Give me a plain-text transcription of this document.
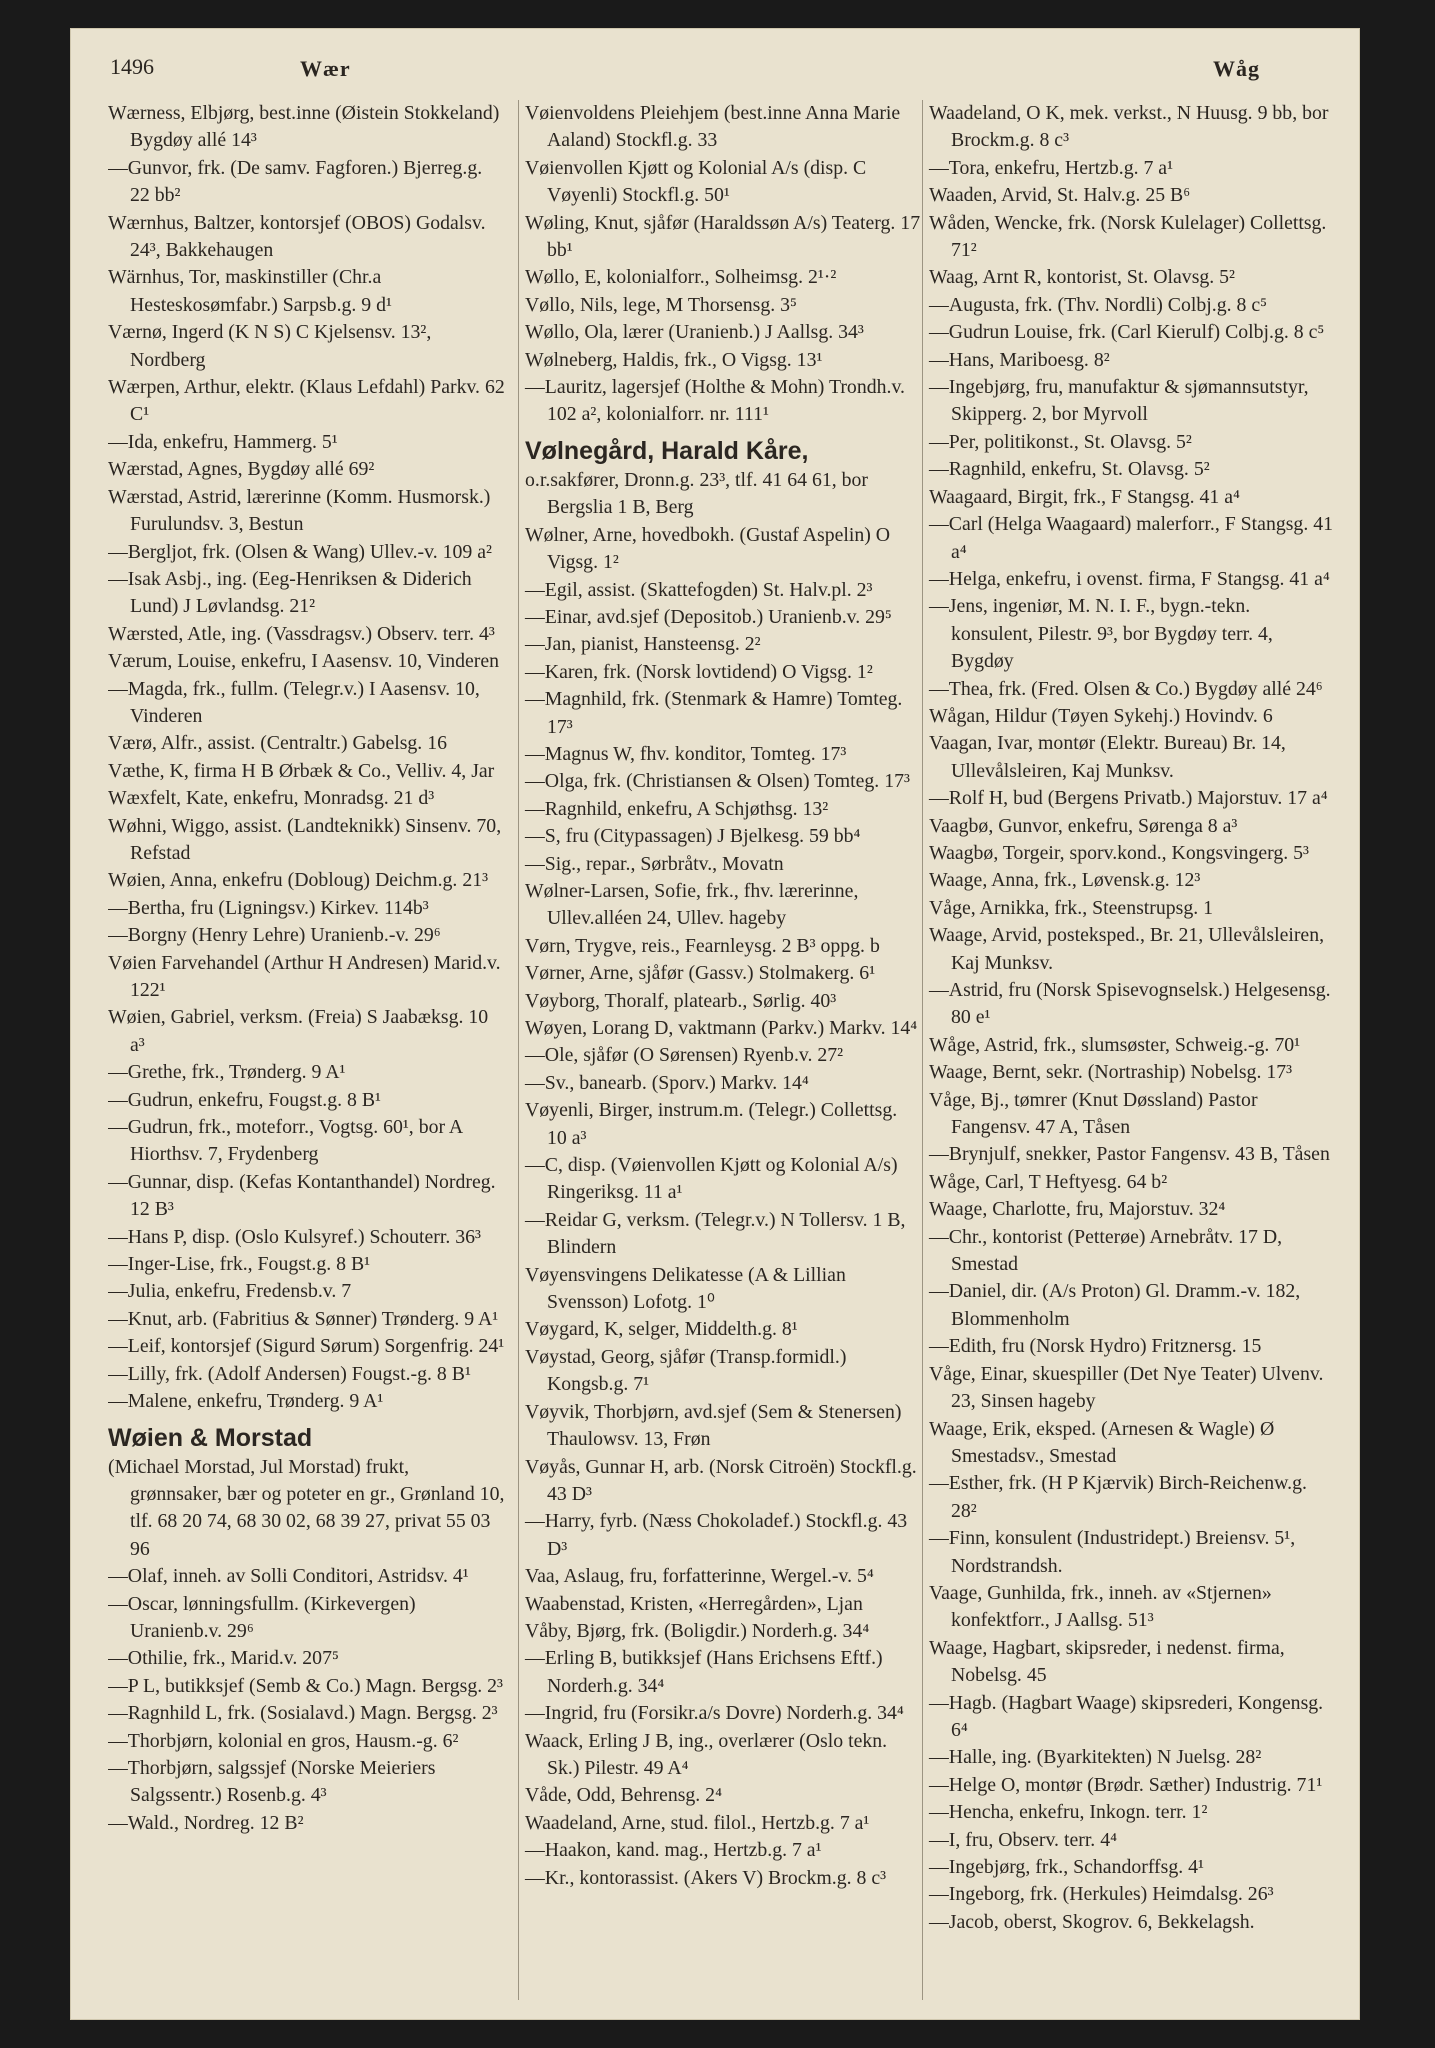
1496	Wær	Wåg
Wærness, Elbjørg, best.inne (Øistein Stokkeland) Bygdøy allé 14³
—Gunvor, frk. (De samv. Fagforen.) Bjerreg.g. 22 bb²
Wærnhus, Baltzer, kontorsjef (OBOS) Godalsv. 24³, Bakkehaugen
Wärnhus, Tor, maskinstiller (Chr.a Hesteskosømfabr.) Sarpsb.g. 9 d¹
Værnø, Ingerd (K N S) C Kjelsensv. 13², Nordberg
Wærpen, Arthur, elektr. (Klaus Lefdahl) Parkv. 62 C¹
—Ida, enkefru, Hammerg. 5¹
Wærstad, Agnes, Bygdøy allé 69²
Wærstad, Astrid, lærerinne (Komm. Husmorsk.) Furulundsv. 3, Bestun
—Bergljot, frk. (Olsen & Wang) Ullev.-v. 109 a²
—Isak Asbj., ing. (Eeg-Henriksen & Diderich Lund) J Løvlandsg. 21²
Wærsted, Atle, ing. (Vassdragsv.) Observ. terr. 4³
Værum, Louise, enkefru, I Aasensv. 10, Vinderen
—Magda, frk., fullm. (Telegr.v.) I Aasensv. 10, Vinderen
Værø, Alfr., assist. (Centraltr.) Gabelsg. 16
Væthe, K, firma H B Ørbæk & Co., Velliv. 4, Jar
Wæxfelt, Kate, enkefru, Monradsg. 21 d³
Wøhni, Wiggo, assist. (Landteknikk) Sinsenv. 70, Refstad
Wøien, Anna, enkefru (Dobloug) Deichm.g. 21³
—Bertha, fru (Ligningsv.) Kirkev. 114b³
—Borgny (Henry Lehre) Uranienb.-v. 29⁶
Vøien Farvehandel (Arthur H Andresen) Marid.v. 122¹
Wøien, Gabriel, verksm. (Freia) S Jaabæksg. 10 a³
—Grethe, frk., Trønderg. 9 A¹
—Gudrun, enkefru, Fougst.g. 8 B¹
—Gudrun, frk., moteforr., Vogtsg. 60¹, bor A Hiorthsv. 7, Frydenberg
—Gunnar, disp. (Kefas Kontanthandel) Nordreg. 12 B³
—Hans P, disp. (Oslo Kulsyref.) Schouterr. 36³
—Inger-Lise, frk., Fougst.g. 8 B¹
—Julia, enkefru, Fredensb.v. 7
—Knut, arb. (Fabritius & Sønner) Trønderg. 9 A¹
—Leif, kontorsjef (Sigurd Sørum) Sorgenfrig. 24¹
—Lilly, frk. (Adolf Andersen) Fougst.-g. 8 B¹
—Malene, enkefru, Trønderg. 9 A¹
Wøien & Morstad
(Michael Morstad, Jul Morstad) frukt, grønnsaker, bær og poteter en gr., Grønland 10, tlf. 68 20 74, 68 30 02, 68 39 27, privat 55 03 96
—Olaf, inneh. av Solli Conditori, Astridsv. 4¹
—Oscar, lønningsfullm. (Kirkevergen) Uranienb.v. 29⁶
—Othilie, frk., Marid.v. 207⁵
—P L, butikksjef (Semb & Co.) Magn. Bergsg. 2³
—Ragnhild L, frk. (Sosialavd.) Magn. Bergsg. 2³
—Thorbjørn, kolonial en gros, Hausm.-g. 6²
—Thorbjørn, salgssjef (Norske Meieriers Salgssentr.) Rosenb.g. 4³
—Wald., Nordreg. 12 B²
Vøienvoldens Pleiehjem (best.inne Anna Marie Aaland) Stockfl.g. 33
Vøienvollen Kjøtt og Kolonial A/s (disp. C Vøyenli) Stockfl.g. 50¹
Wøling, Knut, sjåfør (Haraldssøn A/s) Teaterg. 17 bb¹
Wøllo, E, kolonialforr., Solheimsg. 2¹·²
Vøllo, Nils, lege, M Thorsensg. 3⁵
Wøllo, Ola, lærer (Uranienb.) J Aallsg. 34³
Wølneberg, Haldis, frk., O Vigsg. 13¹
—Lauritz, lagersjef (Holthe & Mohn) Trondh.v. 102 a², kolonialforr. nr. 111¹
Vølnegård, Harald Kåre,
o.r.sakfører, Dronn.g. 23³, tlf. 41 64 61, bor Bergslia 1 B, Berg
Wølner, Arne, hovedbokh. (Gustaf Aspelin) O Vigsg. 1²
—Egil, assist. (Skattefogden) St. Halv.pl. 2³
—Einar, avd.sjef (Depositob.) Uranienb.v. 29⁵
—Jan, pianist, Hansteensg. 2²
—Karen, frk. (Norsk lovtidend) O Vigsg. 1²
—Magnhild, frk. (Stenmark & Hamre) Tomteg. 17³
—Magnus W, fhv. konditor, Tomteg. 17³
—Olga, frk. (Christiansen & Olsen) Tomteg. 17³
—Ragnhild, enkefru, A Schjøthsg. 13²
—S, fru (Citypassagen) J Bjelkesg. 59 bb⁴
—Sig., repar., Sørbråtv., Movatn
Wølner-Larsen, Sofie, frk., fhv. lærerinne, Ullev.alléen 24, Ullev. hageby
Vørn, Trygve, reis., Fearnleysg. 2 B³ oppg. b
Vørner, Arne, sjåfør (Gassv.) Stolmakerg. 6¹
Vøyborg, Thoralf, platearb., Sørlig. 40³
Wøyen, Lorang D, vaktmann (Parkv.) Markv. 14⁴
—Ole, sjåfør (O Sørensen) Ryenb.v. 27²
—Sv., banearb. (Sporv.) Markv. 14⁴
Vøyenli, Birger, instrum.m. (Telegr.) Collettsg. 10 a³
—C, disp. (Vøienvollen Kjøtt og Kolonial A/s) Ringeriksg. 11 a¹
—Reidar G, verksm. (Telegr.v.) N Tollersv. 1 B, Blindern
Vøyensvingens Delikatesse (A & Lillian Svensson) Lofotg. 1⁰
Vøygard, K, selger, Middelth.g. 8¹
Vøystad, Georg, sjåfør (Transp.formidl.) Kongsb.g. 7¹
Vøyvik, Thorbjørn, avd.sjef (Sem & Stenersen) Thaulowsv. 13, Frøn
Vøyås, Gunnar H, arb. (Norsk Citroën) Stockfl.g. 43 D³
—Harry, fyrb. (Næss Chokoladef.) Stockfl.g. 43 D³
Vaa, Aslaug, fru, forfatterinne, Wergel.-v. 5⁴
Waabenstad, Kristen, «Herregården», Ljan
Våby, Bjørg, frk. (Boligdir.) Norderh.g. 34⁴
—Erling B, butikksjef (Hans Erichsens Eftf.) Norderh.g. 34⁴
—Ingrid, fru (Forsikr.a/s Dovre) Norderh.g. 34⁴
Waack, Erling J B, ing., overlærer (Oslo tekn. Sk.) Pilestr. 49 A⁴
Våde, Odd, Behrensg. 2⁴
Waadeland, Arne, stud. filol., Hertzb.g. 7 a¹
—Haakon, kand. mag., Hertzb.g. 7 a¹
—Kr., kontorassist. (Akers V) Brockm.g. 8 c³
Waadeland, O K, mek. verkst., N Huusg. 9 bb, bor Brockm.g. 8 c³
—Tora, enkefru, Hertzb.g. 7 a¹
Waaden, Arvid, St. Halv.g. 25 B⁶
Wåden, Wencke, frk. (Norsk Kulelager) Collettsg. 71²
Waag, Arnt R, kontorist, St. Olavsg. 5²
—Augusta, frk. (Thv. Nordli) Colbj.g. 8 c⁵
—Gudrun Louise, frk. (Carl Kierulf) Colbj.g. 8 c⁵
—Hans, Mariboesg. 8²
—Ingebjørg, fru, manufaktur & sjømannsutstyr, Skipperg. 2, bor Myrvoll
—Per, politikonst., St. Olavsg. 5²
—Ragnhild, enkefru, St. Olavsg. 5²
Waagaard, Birgit, frk., F Stangsg. 41 a⁴
—Carl (Helga Waagaard) malerforr., F Stangsg. 41 a⁴
—Helga, enkefru, i ovenst. firma, F Stangsg. 41 a⁴
—Jens, ingeniør, M. N. I. F., bygn.-tekn. konsulent, Pilestr. 9³, bor Bygdøy terr. 4, Bygdøy
—Thea, frk. (Fred. Olsen & Co.) Bygdøy allé 24⁶
Wågan, Hildur (Tøyen Sykehj.) Hovindv. 6
Vaagan, Ivar, montør (Elektr. Bureau) Br. 14, Ullevålsleiren, Kaj Munksv.
—Rolf H, bud (Bergens Privatb.) Majorstuv. 17 a⁴
Vaagbø, Gunvor, enkefru, Sørenga 8 a³
Waagbø, Torgeir, sporv.kond., Kongsvingerg. 5³
Waage, Anna, frk., Løvensk.g. 12³
Våge, Arnikka, frk., Steenstrupsg. 1
Waage, Arvid, posteksped., Br. 21, Ullevålsleiren, Kaj Munksv.
—Astrid, fru (Norsk Spisevognselsk.) Helgesensg. 80 e¹
Wåge, Astrid, frk., slumsøster, Schweig.-g. 70¹
Waage, Bernt, sekr. (Nortraship) Nobelsg. 17³
Våge, Bj., tømrer (Knut Døssland) Pastor Fangensv. 47 A, Tåsen
—Brynjulf, snekker, Pastor Fangensv. 43 B, Tåsen
Wåge, Carl, T Heftyesg. 64 b²
Waage, Charlotte, fru, Majorstuv. 32⁴
—Chr., kontorist (Petterøe) Arnebråtv. 17 D, Smestad
—Daniel, dir. (A/s Proton) Gl. Dramm.-v. 182, Blommenholm
—Edith, fru (Norsk Hydro) Fritznersg. 15
Våge, Einar, skuespiller (Det Nye Teater) Ulvenv. 23, Sinsen hageby
Waage, Erik, eksped. (Arnesen & Wagle) Ø Smestadsv., Smestad
—Esther, frk. (H P Kjærvik) Birch-Reichenw.g. 28²
—Finn, konsulent (Industridept.) Breiensv. 5¹, Nordstrandsh.
Vaage, Gunhilda, frk., inneh. av «Stjernen» konfektforr., J Aallsg. 51³
Waage, Hagbart, skipsreder, i nedenst. firma, Nobelsg. 45
—Hagb. (Hagbart Waage) skipsrederi, Kongensg. 6⁴
—Halle, ing. (Byarkitekten) N Juelsg. 28²
—Helge O, montør (Brødr. Sæther) Industrig. 71¹
—Hencha, enkefru, Inkogn. terr. 1²
—I, fru, Observ. terr. 4⁴
—Ingebjørg, frk., Schandorffsg. 4¹
—Ingeborg, frk. (Herkules) Heimdalsg. 26³
—Jacob, oberst, Skogrov. 6, Bekkelagsh.
